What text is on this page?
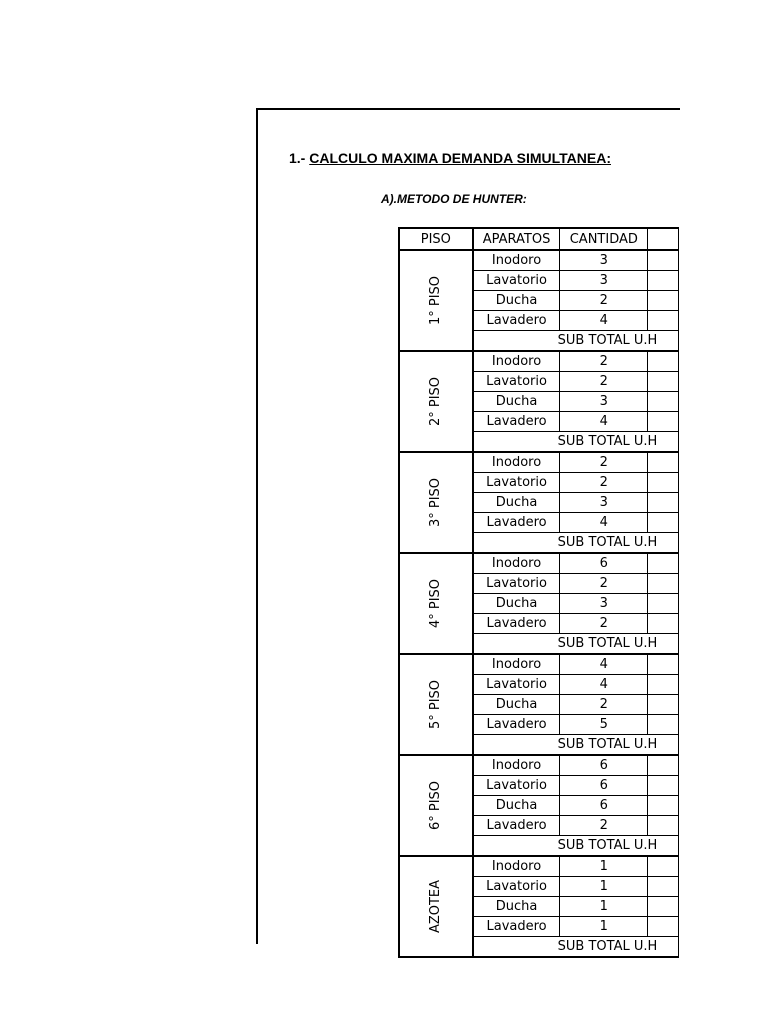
1.- CALCULO MAXIMA DEMANDA SIMULTANEA:
A).METODO DE HUNTER:
PISO	APARATOS	CANTIDAD	
1° PISO	Inodoro	3	
	Lavatorio	3	
	Ducha	2	
	Lavadero	4	
	SUB TOTAL U.H		
2° PISO	Inodoro	2	
	Lavatorio	2	
	Ducha	3	
	Lavadero	4	
	SUB TOTAL U.H		
3° PISO	Inodoro	2	
	Lavatorio	2	
	Ducha	3	
	Lavadero	4	
	SUB TOTAL U.H		
4° PISO	Inodoro	6	
	Lavatorio	2	
	Ducha	3	
	Lavadero	2	
	SUB TOTAL U.H		
5° PISO	Inodoro	4	
	Lavatorio	4	
	Ducha	2	
	Lavadero	5	
	SUB TOTAL U.H		
6° PISO	Inodoro	6	
	Lavatorio	6	
	Ducha	6	
	Lavadero	2	
	SUB TOTAL U.H		
AZOTEA	Inodoro	1	
	Lavatorio	1	
	Ducha	1	
	Lavadero	1	
	SUB TOTAL U.H		
